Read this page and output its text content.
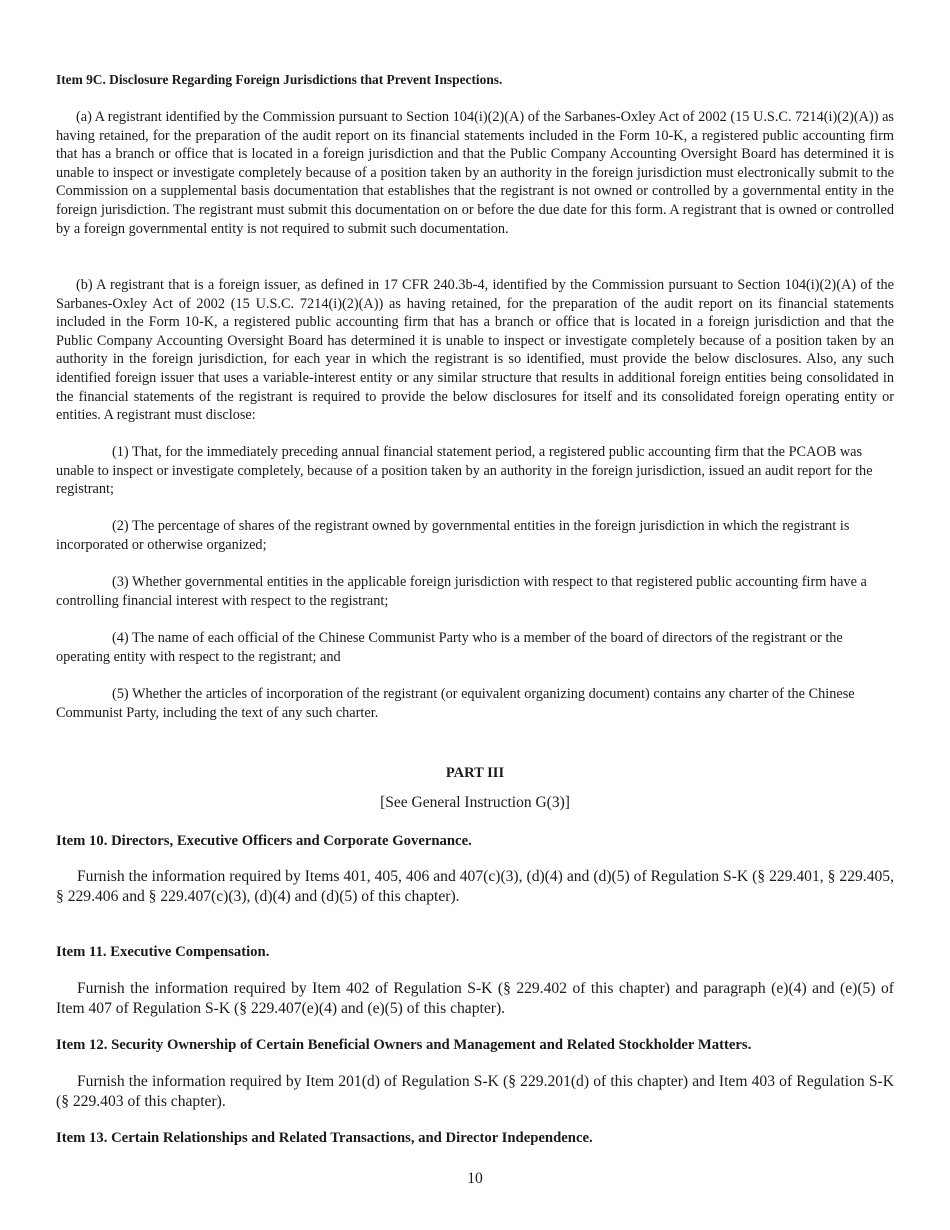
Item 9C. Disclosure Regarding Foreign Jurisdictions that Prevent Inspections.

(a) A registrant identified by the Commission pursuant to Section 104(i)(2)(A) of the Sarbanes-Oxley Act of 2002 (15 U.S.C. 7214(i)(2)(A)) as having retained, for the preparation of the audit report on its financial statements included in the Form 10-K, a registered public accounting firm that has a branch or office that is located in a foreign jurisdiction and that the Public Company Accounting Oversight Board has determined it is unable to inspect or investigate completely because of a position taken by an authority in the foreign jurisdiction must electronically submit to the Commission on a supplemental basis documentation that establishes that the registrant is not owned or controlled by a governmental entity in the foreign jurisdiction. The registrant must submit this documentation on or before the due date for this form. A registrant that is owned or controlled by a foreign governmental entity is not required to submit such documentation.

(b) A registrant that is a foreign issuer, as defined in 17 CFR 240.3b-4, identified by the Commission pursuant to Section 104(i)(2)(A) of the Sarbanes-Oxley Act of 2002 (15 U.S.C. 7214(i)(2)(A)) as having retained, for the preparation of the audit report on its financial statements included in the Form 10-K, a registered public accounting firm that has a branch or office that is located in a foreign jurisdiction and that the Public Company Accounting Oversight Board has determined it is unable to inspect or investigate completely because of a position taken by an authority in the foreign jurisdiction, for each year in which the registrant is so identified, must provide the below disclosures. Also, any such identified foreign issuer that uses a variable-interest entity or any similar structure that results in additional foreign entities being consolidated in the financial statements of the registrant is required to provide the below disclosures for itself and its consolidated foreign operating entity or entities. A registrant must disclose:

(1) That, for the immediately preceding annual financial statement period, a registered public accounting firm that the PCAOB was unable to inspect or investigate completely, because of a position taken by an authority in the foreign jurisdiction, issued an audit report for the registrant;

(2) The percentage of shares of the registrant owned by governmental entities in the foreign jurisdiction in which the registrant is incorporated or otherwise organized;

(3) Whether governmental entities in the applicable foreign jurisdiction with respect to that registered public accounting firm have a controlling financial interest with respect to the registrant;

(4) The name of each official of the Chinese Communist Party who is a member of the board of directors of the registrant or the operating entity with respect to the registrant; and

(5) Whether the articles of incorporation of the registrant (or equivalent organizing document) contains any charter of the Chinese Communist Party, including the text of any such charter.

PART III

[See General Instruction G(3)]

Item 10. Directors, Executive Officers and Corporate Governance.

Furnish the information required by Items 401, 405, 406 and 407(c)(3), (d)(4) and (d)(5) of Regulation S-K (§ 229.401, § 229.405, § 229.406 and § 229.407(c)(3), (d)(4) and (d)(5) of this chapter).

Item 11. Executive Compensation.

Furnish the information required by Item 402 of Regulation S-K (§ 229.402 of this chapter) and paragraph (e)(4) and (e)(5) of Item 407 of Regulation S-K (§ 229.407(e)(4) and (e)(5) of this chapter).

Item 12. Security Ownership of Certain Beneficial Owners and Management and Related Stockholder Matters.

Furnish the information required by Item 201(d) of Regulation S-K (§ 229.201(d) of this chapter) and Item 403 of Regulation S-K (§ 229.403 of this chapter).

Item 13. Certain Relationships and Related Transactions, and Director Independence.

10
